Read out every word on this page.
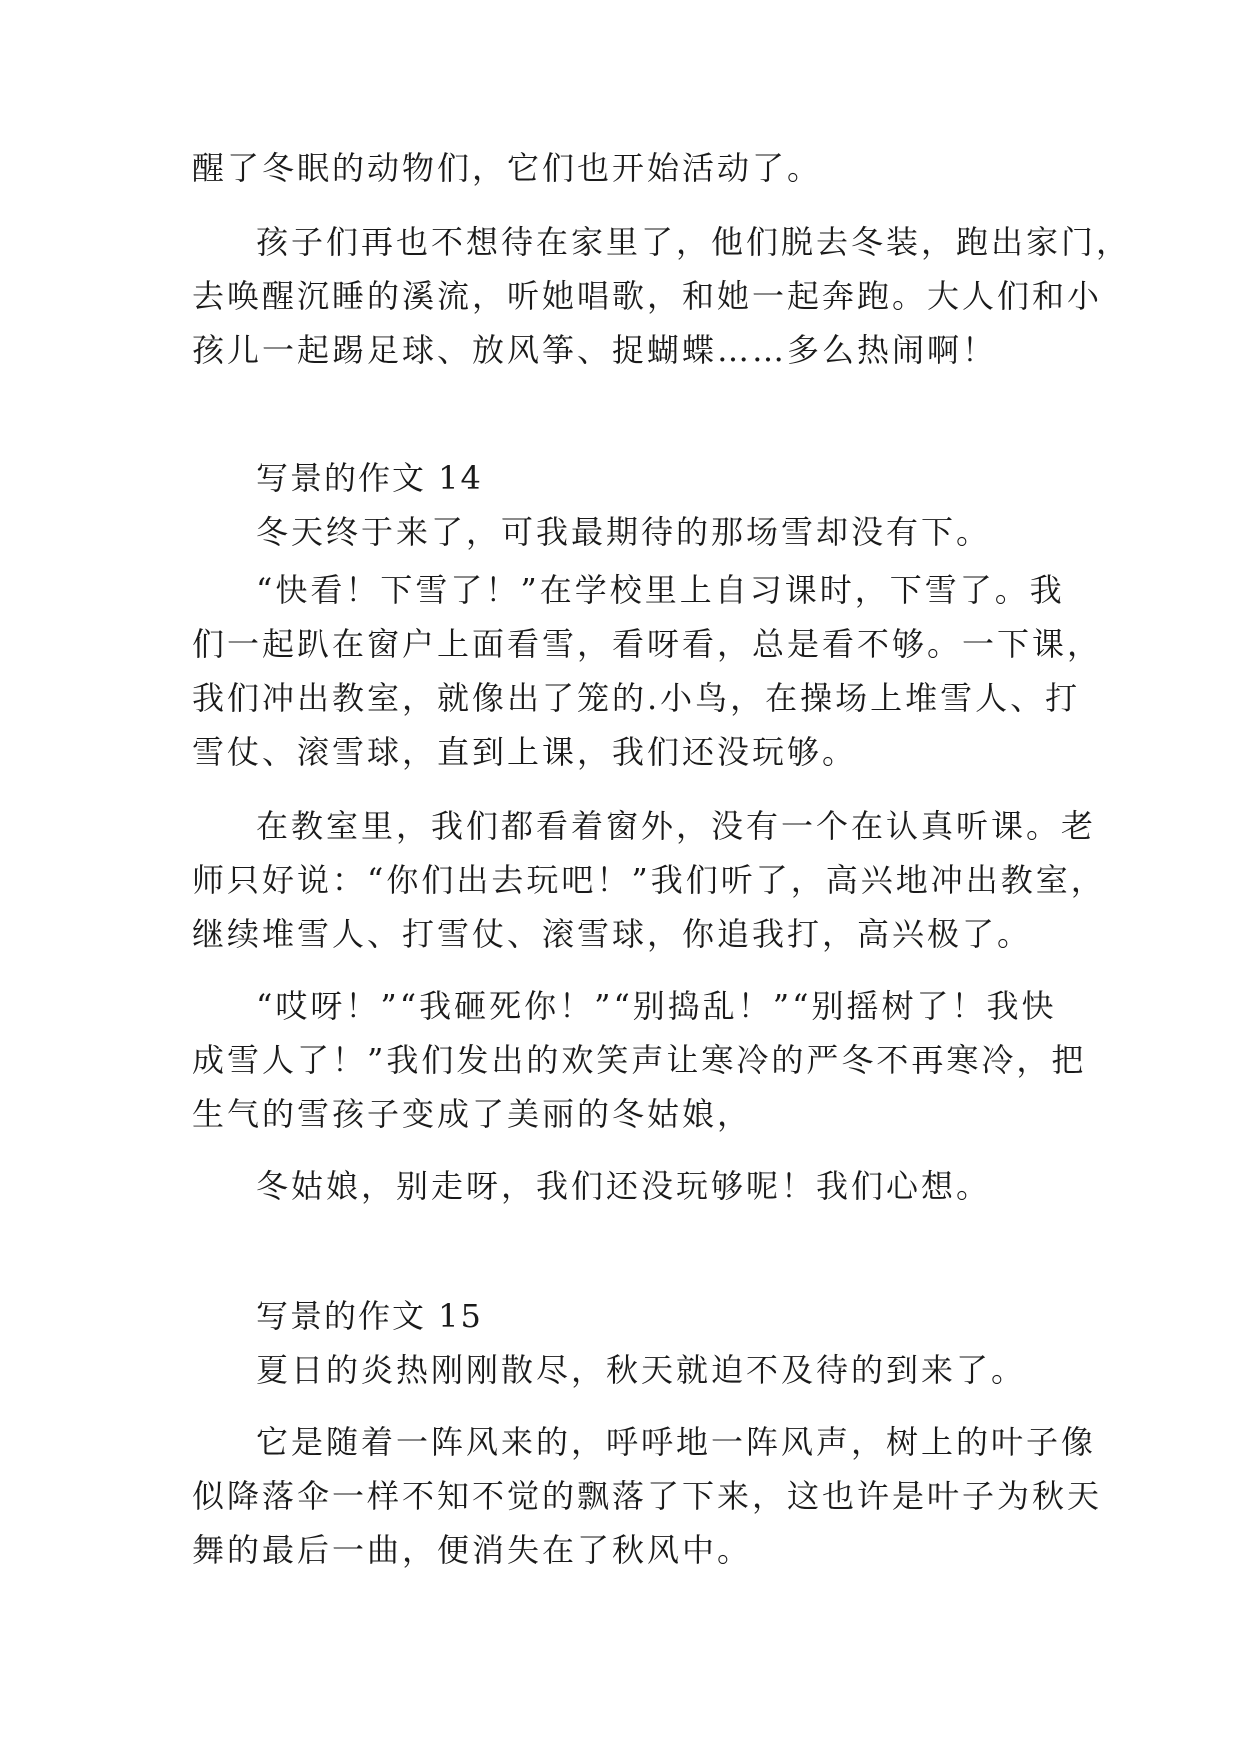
醒了冬眠的动物们，它们也开始活动了。
孩子们再也不想待在家里了，他们脱去冬装，跑出家门，
去唤醒沉睡的溪流，听她唱歌，和她一起奔跑。大人们和小
孩儿一起踢足球、放风筝、捉蝴蝶……多么热闹啊！
写景的作文 14
冬天终于来了，可我最期待的那场雪却没有下。
“快看！下雪了！”在学校里上自习课时，下雪了。我
们一起趴在窗户上面看雪，看呀看，总是看不够。一下课，
我们冲出教室，就像出了笼的.小鸟，在操场上堆雪人、打
雪仗、滚雪球，直到上课，我们还没玩够。
在教室里，我们都看着窗外，没有一个在认真听课。老
师只好说：“你们出去玩吧！”我们听了，高兴地冲出教室，
继续堆雪人、打雪仗、滚雪球，你追我打，高兴极了。
“哎呀！”“我砸死你！”“别捣乱！”“别摇树了！我快
成雪人了！”我们发出的欢笑声让寒冷的严冬不再寒冷，把
生气的雪孩子变成了美丽的冬姑娘，
冬姑娘，别走呀，我们还没玩够呢！我们心想。
写景的作文 15
夏日的炎热刚刚散尽，秋天就迫不及待的到来了。
它是随着一阵风来的，呼呼地一阵风声，树上的叶子像
似降落伞一样不知不觉的飘落了下来，这也许是叶子为秋天
舞的最后一曲，便消失在了秋风中。
